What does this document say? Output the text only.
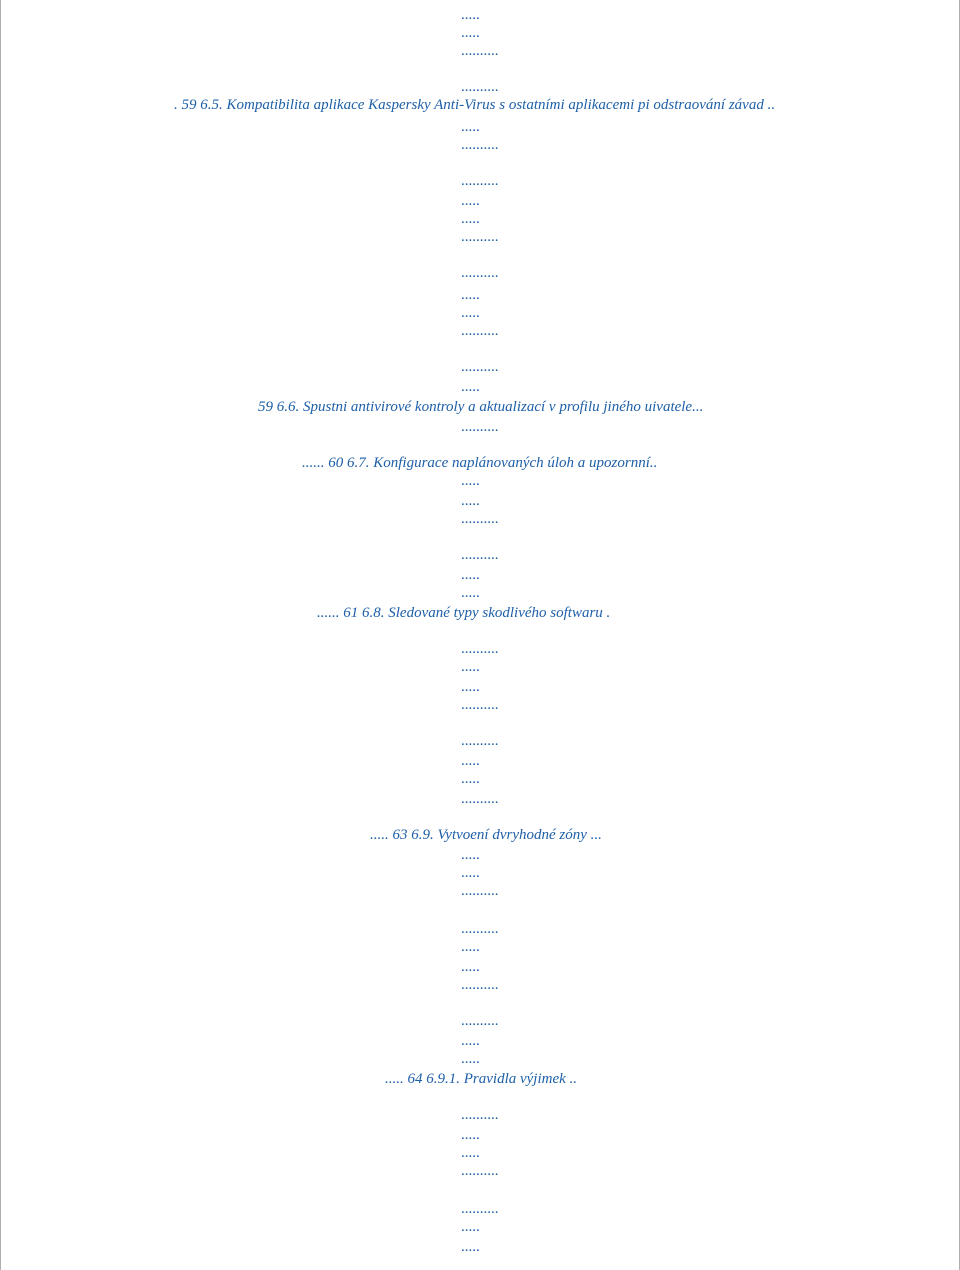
.....
.....
..........
..........
. 59 6.5. Kompatibilita aplikace Kaspersky Anti-Virus s ostatními aplikacemi pi odstraování závad ..
.....
..........
..........
.....
.....
..........
..........
.....
.....
..........
..........
.....
59 6.6. Spustni antivirové kontroly a aktualizací v profilu jiného uivatele...
..........
...... 60 6.7. Konfigurace naplánovaných úloh a upozornní..
.....
.....
..........
..........
.....
.....
...... 61 6.8. Sledované typy skodlivého softwaru .
..........
.....
.....
..........
..........
.....
.....
..........
..... 63 6.9. Vytvoení dvryhodné zóny ...
.....
.....
..........
..........
.....
.....
..........
..........
.....
.....
..... 64 6.9.1. Pravidla výjimek ..
..........
.....
.....
..........
..........
.....
.....
